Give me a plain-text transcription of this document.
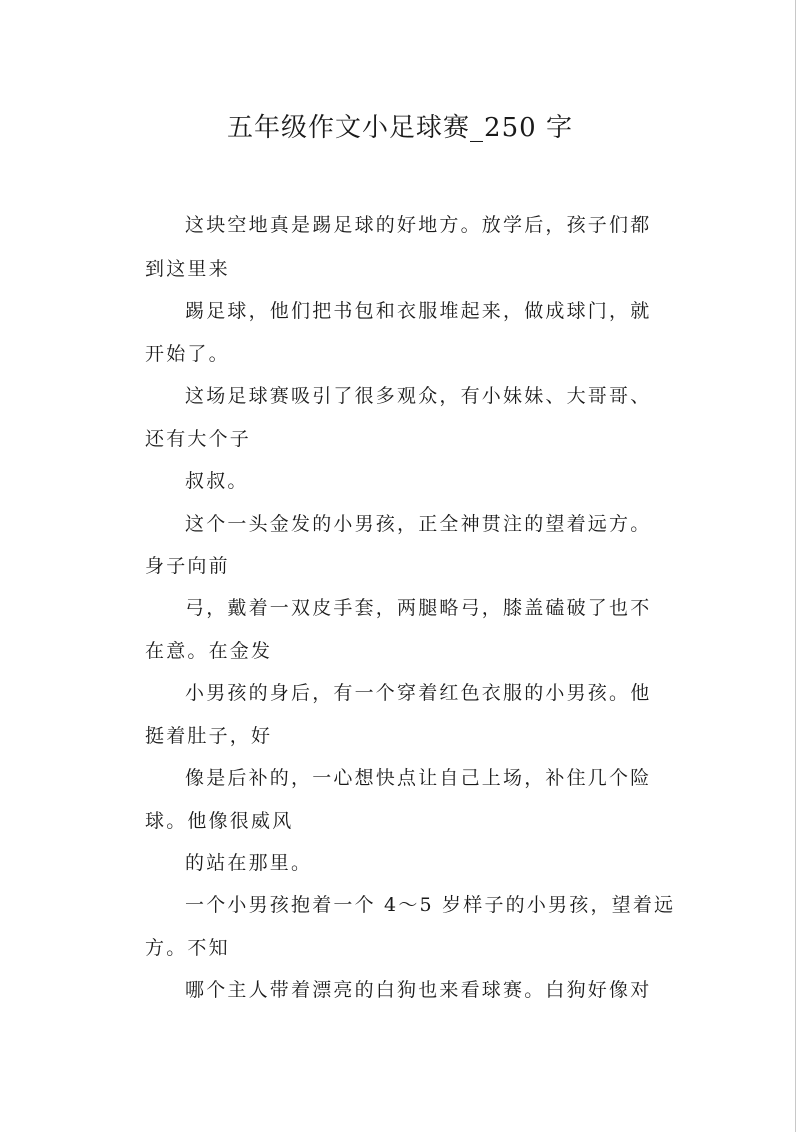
五年级作文小足球赛_250 字
这块空地真是踢足球的好地方。放学后，孩子们都
到这里来
踢足球，他们把书包和衣服堆起来，做成球门，就
开始了。
这场足球赛吸引了很多观众，有小妹妹、大哥哥、
还有大个子
叔叔。
这个一头金发的小男孩，正全神贯注的望着远方。
身子向前
弓，戴着一双皮手套，两腿略弓，膝盖磕破了也不
在意。在金发
小男孩的身后，有一个穿着红色衣服的小男孩。他
挺着肚子，好
像是后补的，一心想快点让自己上场，补住几个险
球。他像很威风
的站在那里。
一个小男孩抱着一个 4～5 岁样子的小男孩，望着远
方。不知
哪个主人带着漂亮的白狗也来看球赛。白狗好像对
